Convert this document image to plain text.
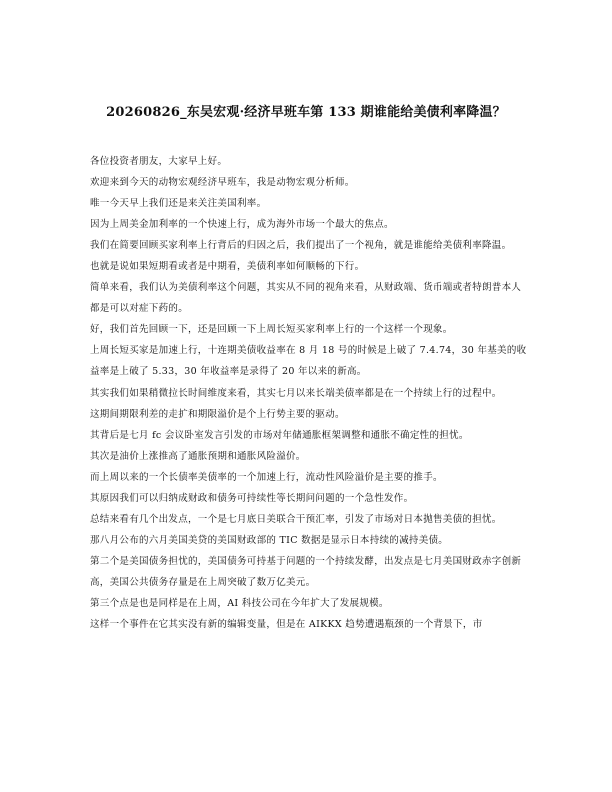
20260826_东吴宏观·经济早班车第 133 期谁能给美债利率降温？

各位投资者朋友，大家早上好。

欢迎来到今天的动物宏观经济早班车，我是动物宏观分析师。

唯一今天早上我们还是来关注美国利率。

因为上周美金加利率的一个快速上行，成为海外市场一个最大的焦点。

我们在简要回顾买家利率上行背后的归因之后，我们提出了一个视角，就是谁能给美债利率降温。

也就是说如果短期看或者是中期看，美债利率如何顺畅的下行。

简单来看，我们认为美债利率这个问题，其实从不同的视角来看，从财政端、货币端或者特朗普本人都是可以对症下药的。

好，我们首先回顾一下，还是回顾一下上周长短买家利率上行的一个这样一个现象。

上周长短买家是加速上行，十连期美债收益率在 8 月 18 号的时候是上破了 7.4.74，30 年基美的收益率是上破了 5.33，30 年收益率是录得了 20 年以来的新高。

其实我们如果稍微拉长时间维度来看，其实七月以来长端美债率都是在一个持续上行的过程中。

这期间期限利差的走扩和期限溢价是个上行势主要的驱动。

其背后是七月 fc 会议卧室发言引发的市场对年储通胀框架调整和通胀不确定性的担忧。

其次是油价上涨推高了通胀预期和通胀风险溢价。

而上周以来的一个长债率美债率的一个加速上行，流动性风险溢价是主要的推手。

其原因我们可以归纳成财政和债务可持续性等长期问问题的一个急性发作。

总结来看有几个出发点，一个是七月底日美联合干预汇率，引发了市场对日本抛售美债的担忧。

那八月公布的六月美国美贷的美国财政部的 TIC 数据是显示日本持续的减持美债。

第二个是美国债务担忧的，美国债务可持基于问题的一个持续发酵，出发点是七月美国财政赤字创新高，美国公共债务存量是在上周突破了数万亿美元。

第三个点是也是同样是在上周，AI 科技公司在今年扩大了发展规模。

这样一个事件在它其实没有新的编辑变量，但是在 AIKKX 趋势遭遇瓶颈的一个背景下，市
